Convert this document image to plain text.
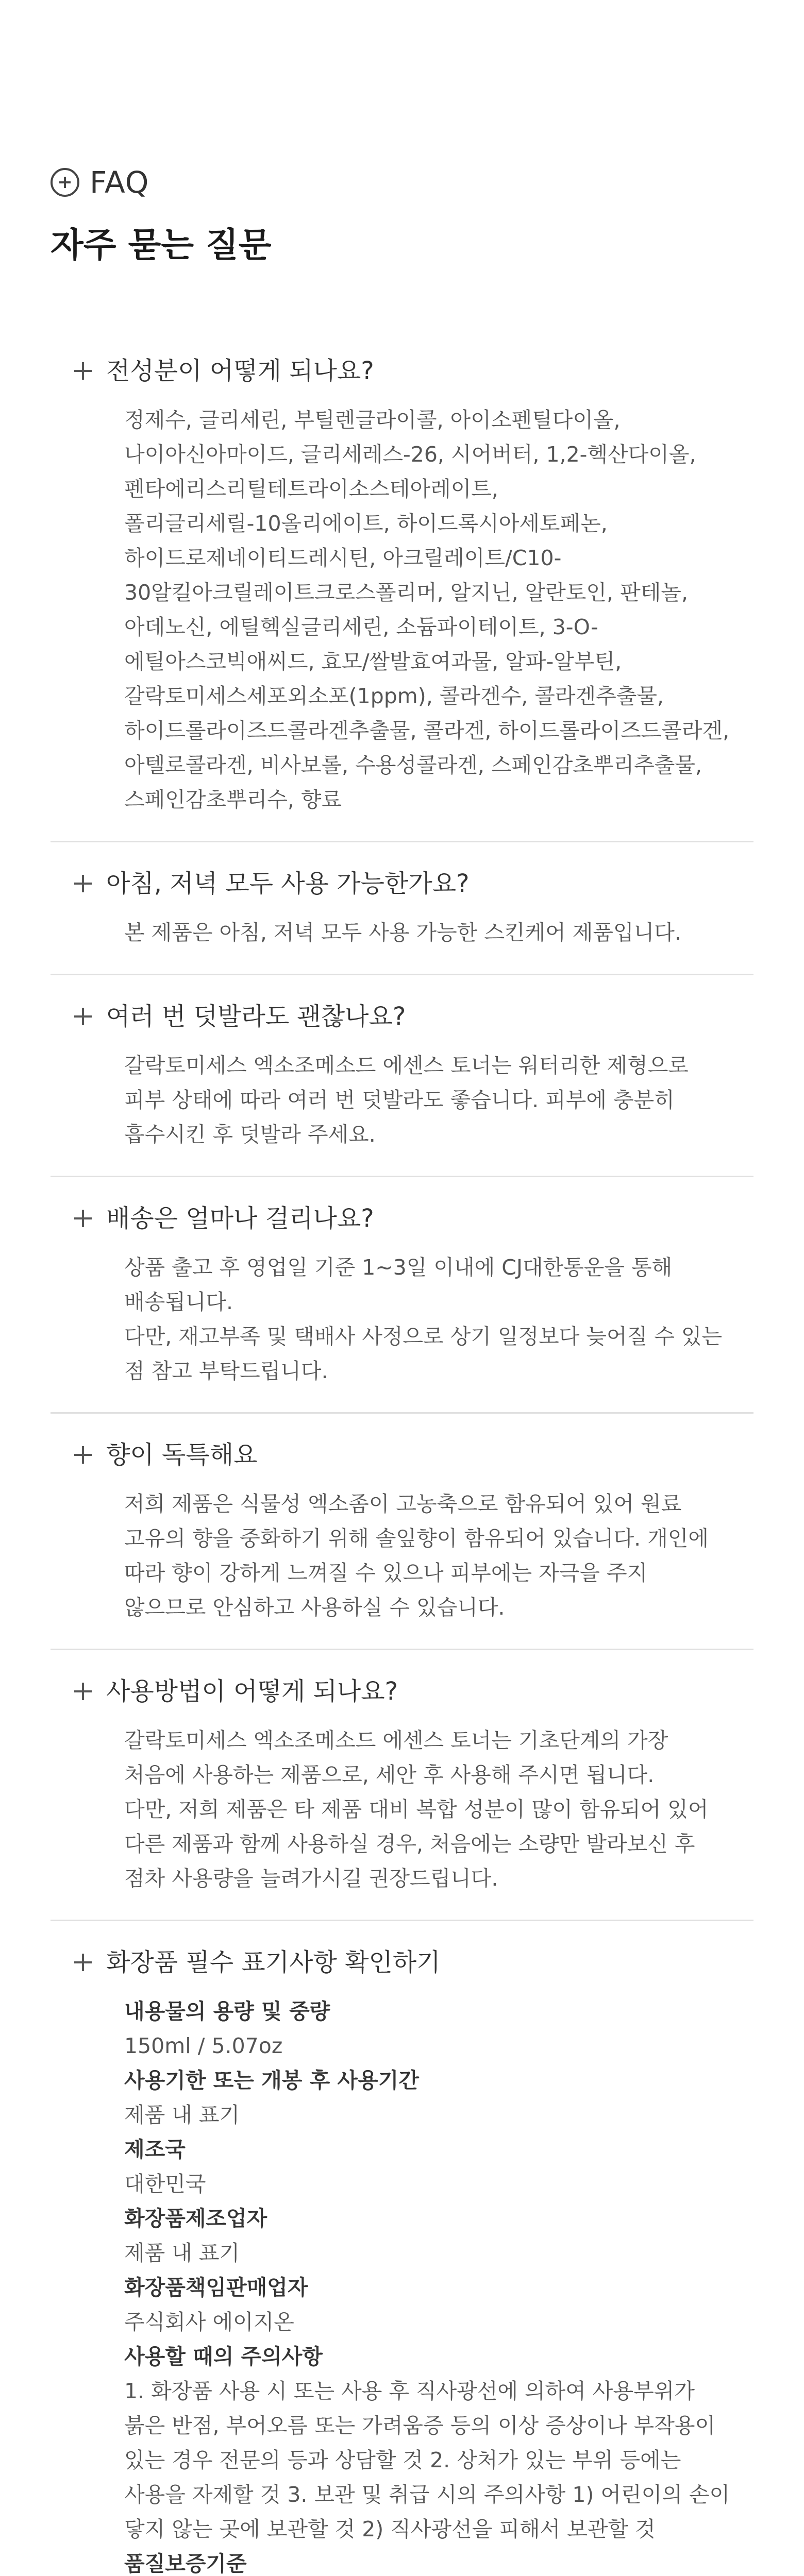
FAQ
자주 묻는 질문
전성분이 어떻게 되나요?

정제수, 글리세린, 부틸렌글라이콜, 아이소펜틸다이올, 나이아신아마이드, 글리세레스-26, 시어버터, 1,2-헥산다이올, 펜타에리스리틸테트라이소스테아레이트, 폴리글리세릴-10올리에이트, 하이드록시아세토페논, 하이드로제네이티드레시틴, 아크릴레이트/C10-30알킬아크릴레이트크로스폴리머, 알지닌, 알란토인, 판테놀, 아데노신, 에틸헥실글리세린, 소듐파이테이트, 3-O-에틸아스코빅애씨드, 효모/쌀발효여과물, 알파-알부틴, 갈락토미세스세포외소포(1ppm), 콜라겐수, 콜라겐추출물, 하이드롤라이즈드콜라겐추출물, 콜라겐, 하이드롤라이즈드콜라겐, 아텔로콜라겐, 비사보롤, 수용성콜라겐, 스페인감초뿌리추출물, 스페인감초뿌리수, 향료

아침, 저녁 모두 사용 가능한가요?

본 제품은 아침, 저녁 모두 사용 가능한 스킨케어 제품입니다.

여러 번 덧발라도 괜찮나요?

갈락토미세스 엑소조메소드 에센스 토너는 워터리한 제형으로 피부 상태에 따라 여러 번 덧발라도 좋습니다. 피부에 충분히 흡수시킨 후 덧발라 주세요.

배송은 얼마나 걸리나요?

상품 출고 후 영업일 기준 1~3일 이내에 CJ대한통운을 통해 배송됩니다.

다만, 재고부족 및 택배사 사정으로 상기 일정보다 늦어질 수 있는 점 참고 부탁드립니다.

향이 독특해요

저희 제품은 식물성 엑소좀이 고농축으로 함유되어 있어 원료 고유의 향을 중화하기 위해 솔잎향이 함유되어 있습니다. 개인에 따라 향이 강하게 느껴질 수 있으나 피부에는 자극을 주지 않으므로 안심하고 사용하실 수 있습니다.

사용방법이 어떻게 되나요?

갈락토미세스 엑소조메소드 에센스 토너는 기초단계의 가장 처음에 사용하는 제품으로, 세안 후 사용해 주시면 됩니다.

다만, 저희 제품은 타 제품 대비 복합 성분이 많이 함유되어 있어 다른 제품과 함께 사용하실 경우, 처음에는 소량만 발라보신 후 점차 사용량을 늘려가시길 권장드립니다.

화장품 필수 표기사항 확인하기
내용물의 용량 및 중량
150ml / 5.07oz
사용기한 또는 개봉 후 사용기간
제품 내 표기
제조국
대한민국
화장품제조업자
제품 내 표기
화장품책임판매업자
주식회사 에이지온
사용할 때의 주의사항
1. 화장품 사용 시 또는 사용 후 직사광선에 의하여 사용부위가 붉은 반점, 부어오름 또는 가려움증 등의 이상 증상이나 부작용이 있는 경우 전문의 등과 상담할 것 2. 상처가 있는 부위 등에는 사용을 자제할 것 3. 보관 및 취급 시의 주의사항 1) 어린이의 손이 닿지 않는 곳에 보관할 것 2) 직사광선을 피해서 보관할 것
품질보증기준
